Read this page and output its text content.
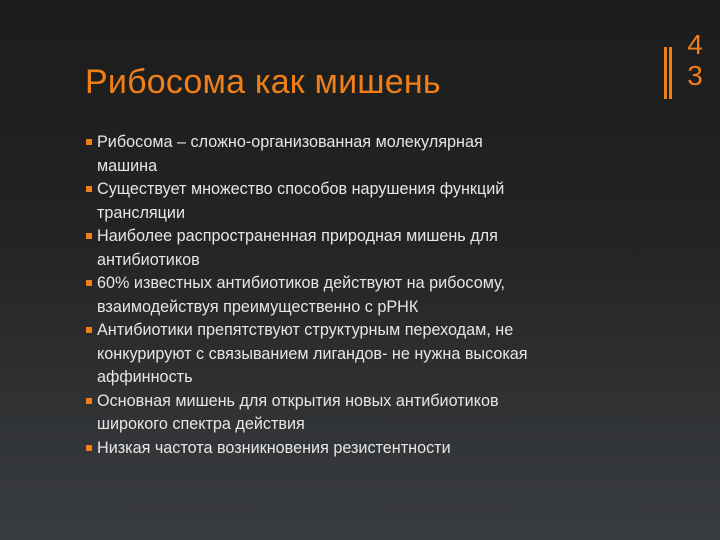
Рибосома как мишень
4
3
Рибосома – сложно-организованная молекулярная
машина
Существует множество способов нарушения функций
трансляции
Наиболее распространенная природная мишень для
антибиотиков
60% известных антибиотиков действуют на рибосому,
взаимодействуя преимущественно с рРНК
Антибиотики препятствуют структурным переходам, не
конкурируют с связыванием лигандов- не нужна высокая
аффинность
Основная мишень для открытия новых антибиотиков
широкого спектра действия
Низкая частота возникновения резистентности
